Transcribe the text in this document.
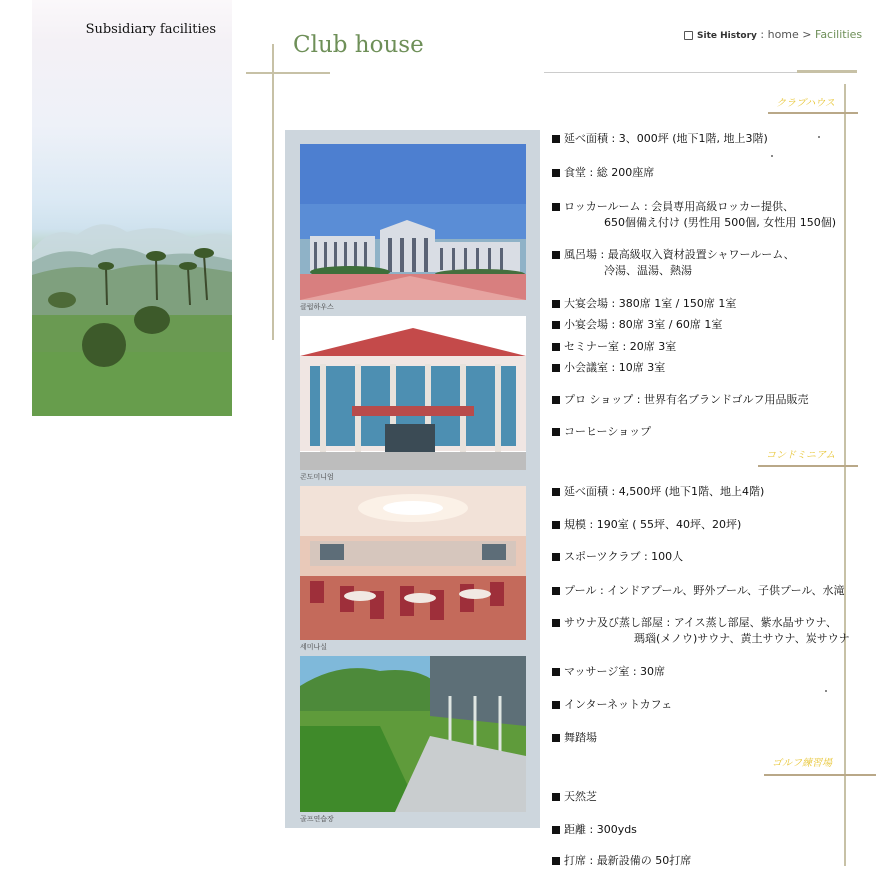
Subsidiary facilities
Club house	Site History : home > Facilities
클럽하우스
콘도미니엄
세미나실
골프연습장
クラブハウス
延べ面積 : 3、000坪 (地下1階, 地上3階)
食堂 : 総 200座席
ロッカールーム : 会員専用高級ロッカー提供、
650個備え付け (男性用 500個, 女性用 150個)
風呂場 : 最高級収入資材設置シャワールーム、
冷湯、温湯、熱湯
大宴会場 : 380席 1室 / 150席 1室
小宴会場 : 80席 3室 / 60席 1室
セミナー室 : 20席 3室
小会議室 : 10席 3室
プロ ショップ : 世界有名ブランドゴルフ用品販売
コーヒーショップ
コンドミニアム
延べ面積 : 4,500坪 (地下1階、地上4階)
規模 : 190室 ( 55坪、40坪、20坪)
スポーツクラブ : 100人
プール : インドアプール、野外プール、子供プール、水滝
サウナ及び蒸し部屋 : アイス蒸し部屋、紫水晶サウナ、
瑪瑙(メノウ)サウナ、黄土サウナ、炭サウナ
マッサージ室 : 30席
インターネットカフェ
舞踏場
ゴルフ練習場
天然芝
距離 : 300yds
打席 : 最新設備の 50打席
